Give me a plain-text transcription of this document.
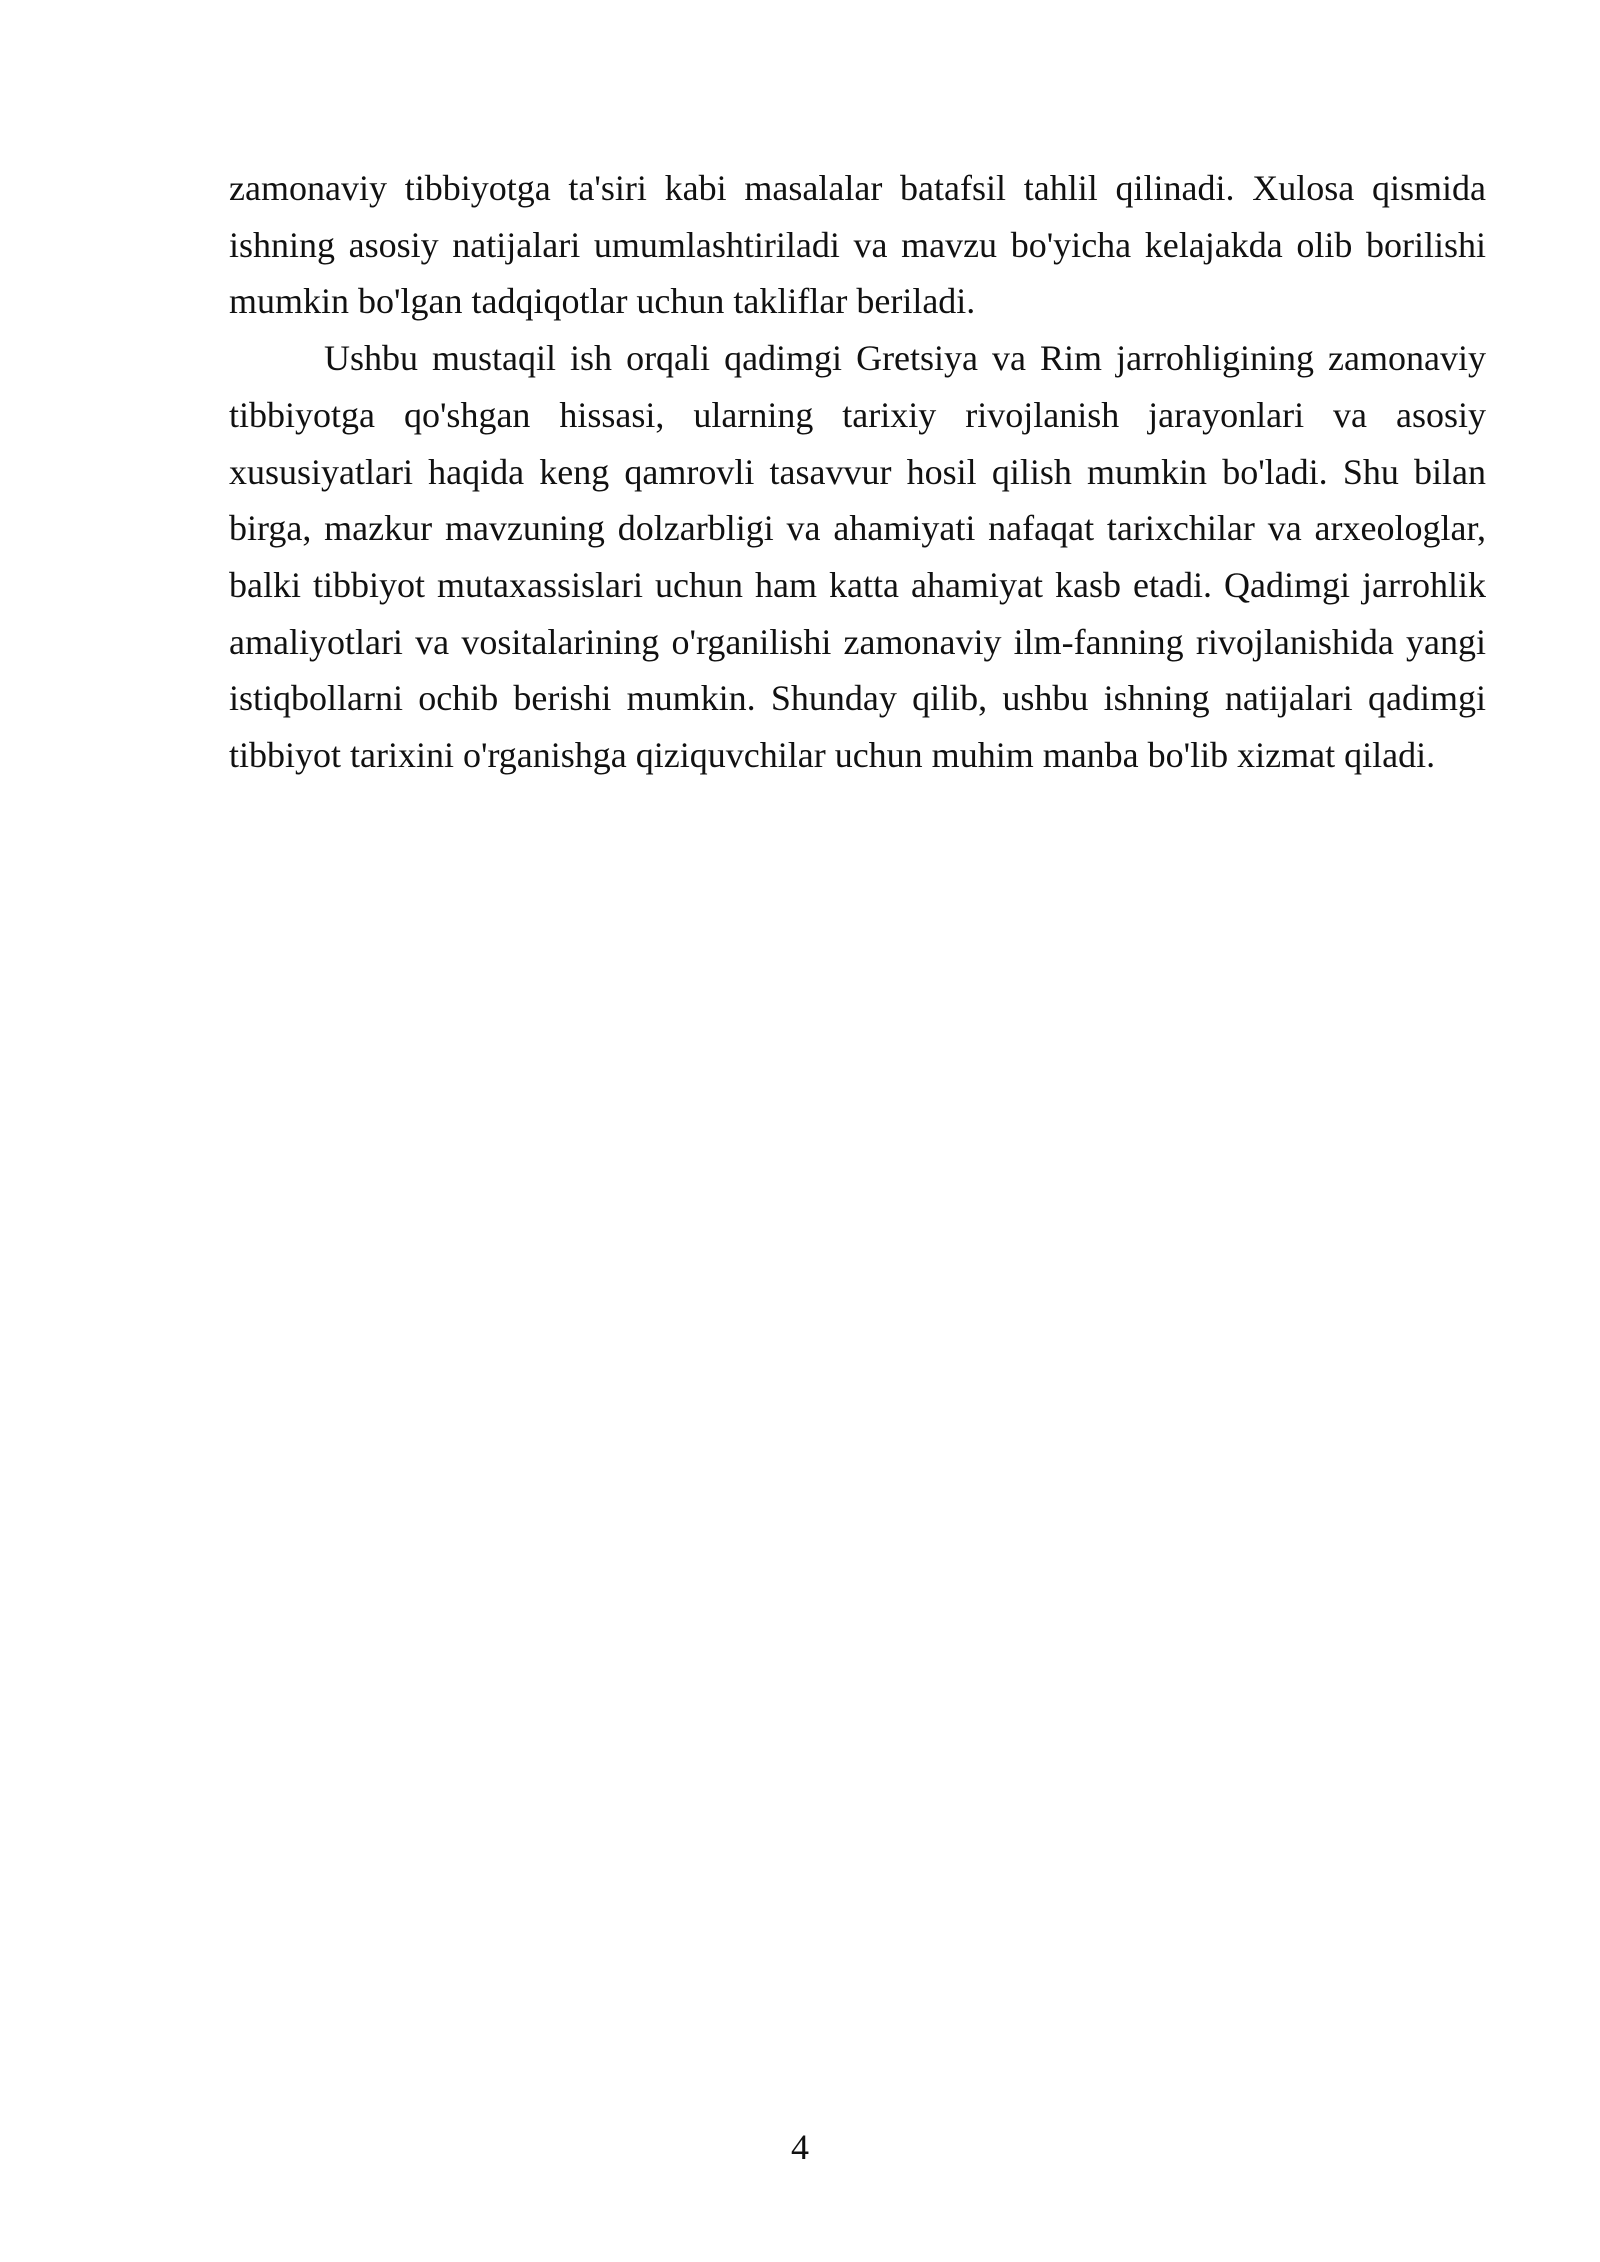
zamonaviy tibbiyotga ta'siri kabi masalalar batafsil tahlil qilinadi. Xulosa qismida ishning asosiy natijalari umumlashtiriladi va mavzu bo'yicha kelajakda olib borilishi mumkin bo'lgan tadqiqotlar uchun takliflar beriladi.

Ushbu mustaqil ish orqali qadimgi Gretsiya va Rim jarrohligining zamonaviy tibbiyotga qo'shgan hissasi, ularning tarixiy rivojlanish jarayonlari va asosiy xususiyatlari haqida keng qamrovli tasavvur hosil qilish mumkin bo'ladi. Shu bilan birga, mazkur mavzuning dolzarbligi va ahamiyati nafaqat tarixchilar va arxeologlar, balki tibbiyot mutaxassislari uchun ham katta ahamiyat kasb etadi. Qadimgi jarrohlik amaliyotlari va vositalarining o'rganilishi zamonaviy ilm-fanning rivojlanishida yangi istiqbollarni ochib berishi mumkin. Shunday qilib, ushbu ishning natijalari qadimgi tibbiyot tarixini o'rganishga qiziquvchilar uchun muhim manba bo'lib xizmat qiladi.

4
